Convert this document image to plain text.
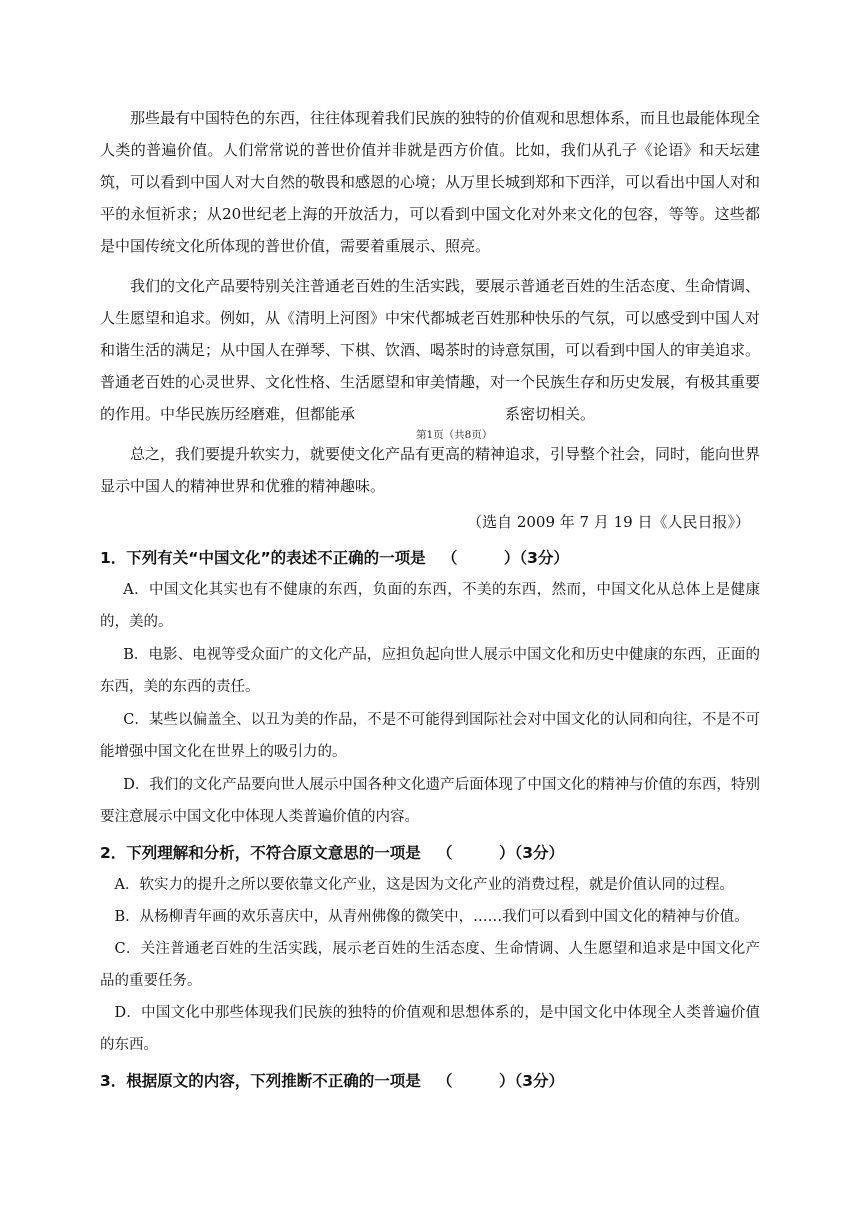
那些最有中国特色的东西，往往体现着我们民族的独特的价值观和思想体系，而且也最能体现全人类的普遍价值。人们常常说的普世价值并非就是西方价值。比如，我们从孔子《论语》和天坛建筑，可以看到中国人对大自然的敬畏和感恩的心境；从万里长城到郑和下西洋，可以看出中国人对和平的永恒祈求；从20世纪老上海的开放活力，可以看到中国文化对外来文化的包容，等等。这些都是中国传统文化所体现的普世价值，需要着重展示、照亮。

我们的文化产品要特别关注普通老百姓的生活实践，要展示普通老百姓的生活态度、生命情调、人生愿望和追求。例如，从《清明上河图》中宋代都城老百姓那种快乐的气氛，可以感受到中国人对和谐生活的满足；从中国人在弹琴、下棋、饮酒、喝茶时的诗意氛围，可以看到中国人的审美追求。普通老百姓的心灵世界、文化性格、生活愿望和审美情趣，对一个民族生存和历史发展，有极其重要的作用。中华民族历经磨难，但都能承	系密切相关。

总之，我们要提升软实力，就要使文化产品有更高的精神追求，引导整个社会，同时，能向世界显示中国人的精神世界和优雅的精神趣味。

（选自 2009 年 7 月 19 日《人民日报》）

1．下列有关“中国文化”的表述不正确的一项是 （　　　）（3分）

A．中国文化其实也有不健康的东西，负面的东西，不美的东西，然而，中国文化从总体上是健康的，美的。

B．电影、电视等受众面广的文化产品，应担负起向世人展示中国文化和历史中健康的东西，正面的东西，美的东西的责任。

C．某些以偏盖全、以丑为美的作品，不是不可能得到国际社会对中国文化的认同和向往，不是不可能增强中国文化在世界上的吸引力的。

D．我们的文化产品要向世人展示中国各种文化遗产后面体现了中国文化的精神与价值的东西，特别要注意展示中国文化中体现人类普遍价值的内容。

2．下列理解和分析，不符合原文意思的一项是 （　　　）（3分）

A．软实力的提升之所以要依靠文化产业，这是因为文化产业的消费过程，就是价值认同的过程。

B．从杨柳青年画的欢乐喜庆中，从青州佛像的微笑中，……我们可以看到中国文化的精神与价值。

C．关注普通老百姓的生活实践，展示老百姓的生活态度、生命情调、人生愿望和追求是中国文化产品的重要任务。

D．中国文化中那些体现我们民族的独特的价值观和思想体系的，是中国文化中体现全人类普遍价值的东西。

3．根据原文的内容，下列推断不正确的一项是 （　　　）（3分）

第1页（共8页）
